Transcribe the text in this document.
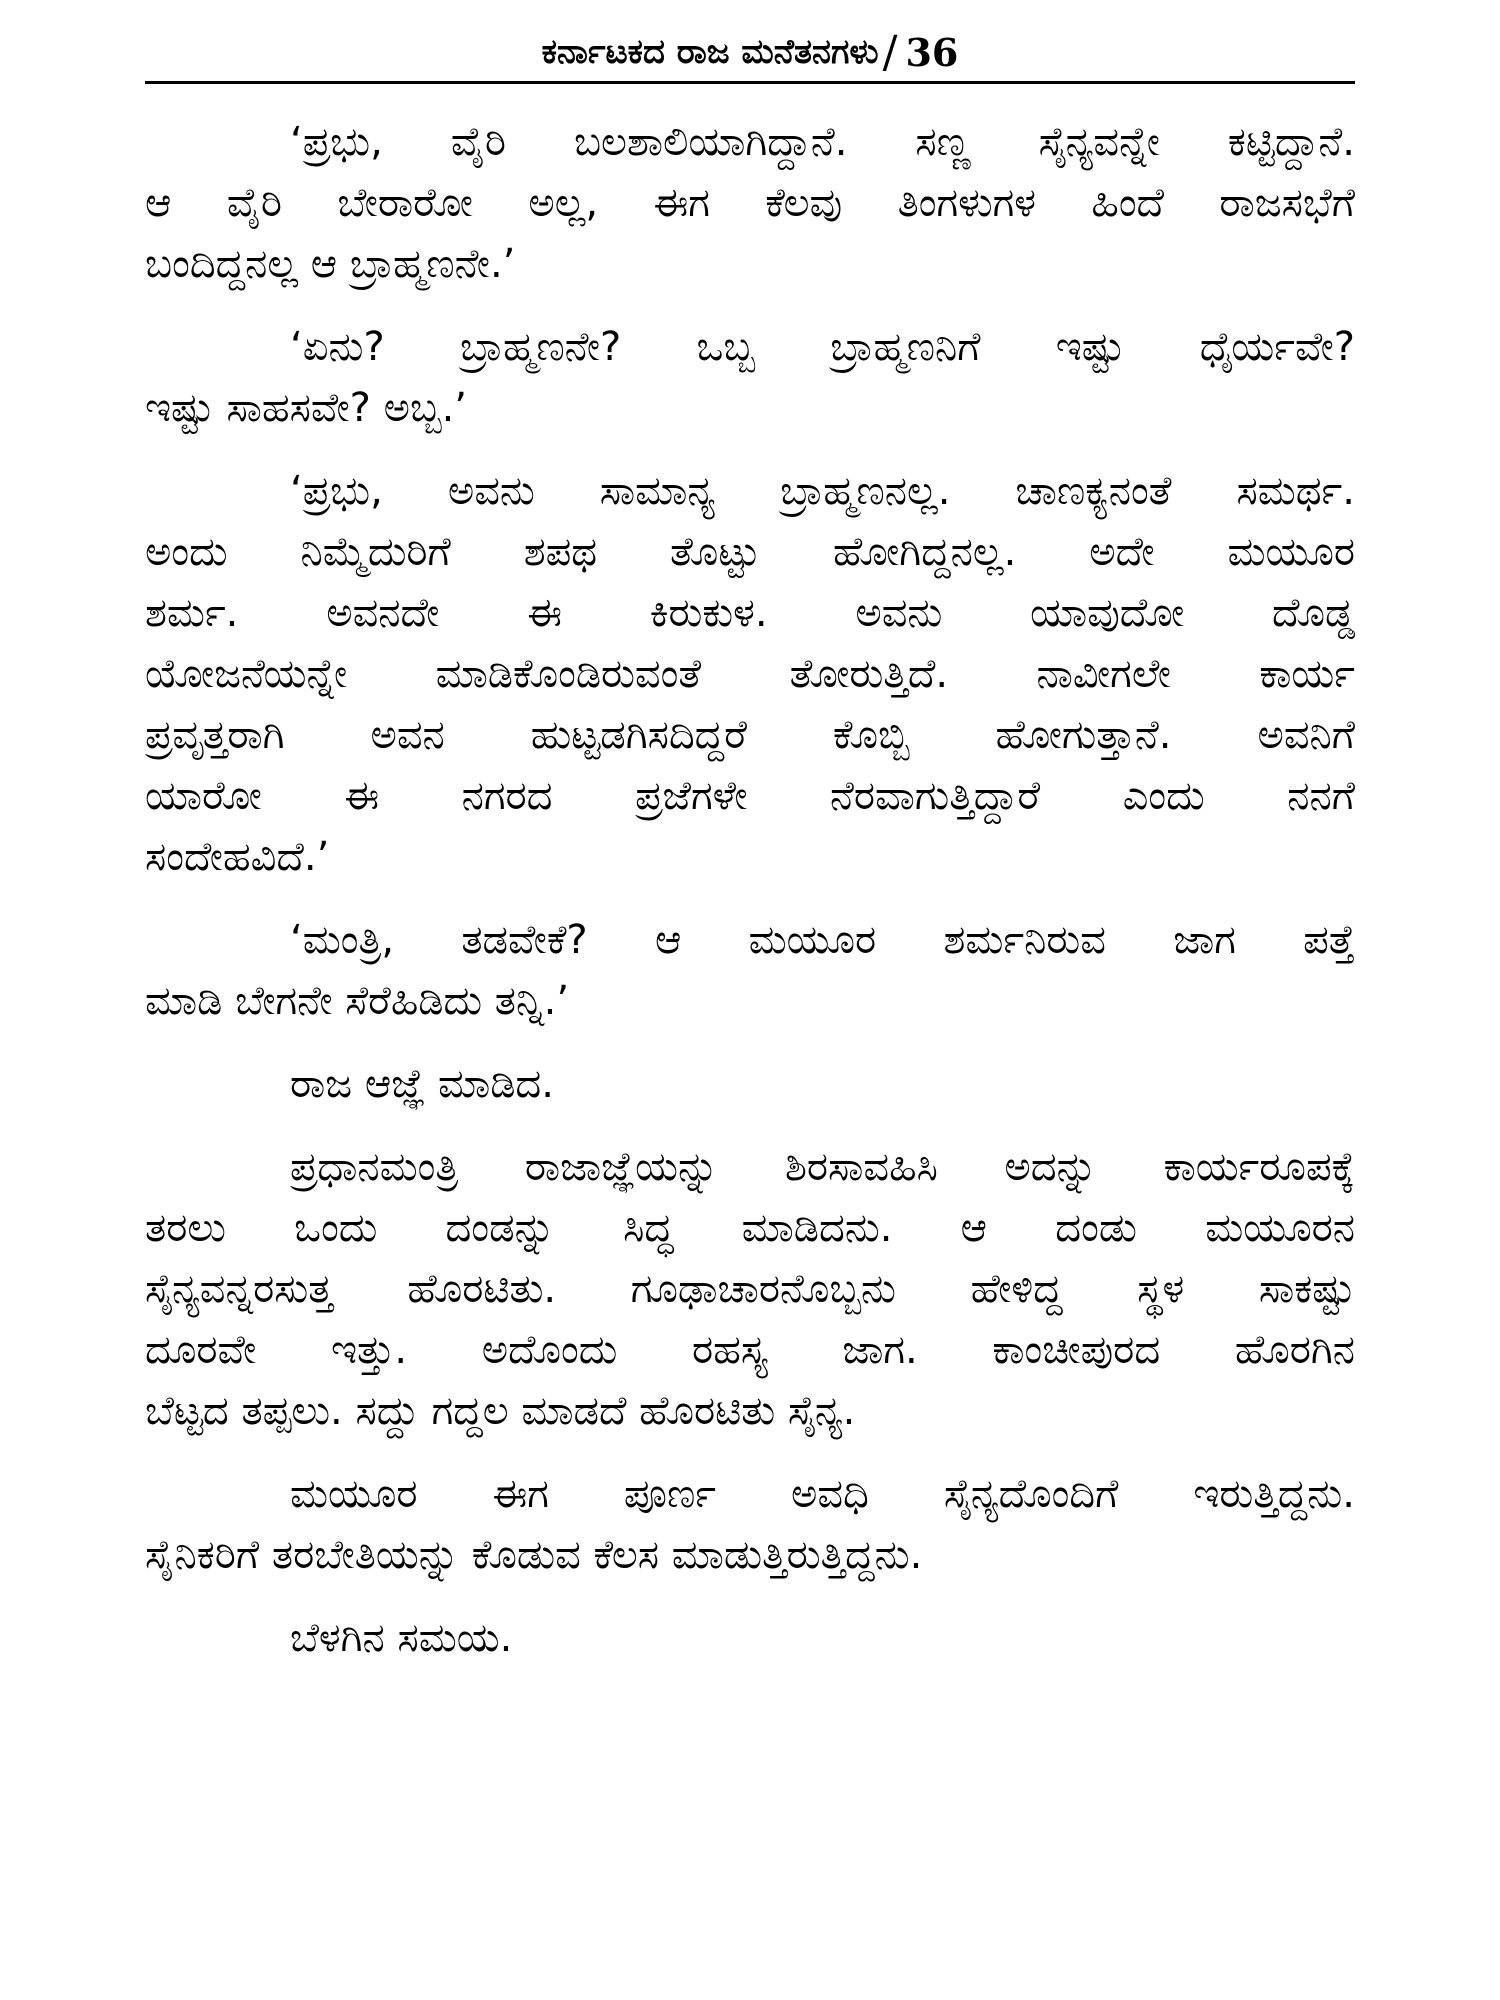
ಕರ್ನಾಟಕದ ರಾಜ ಮನೆತನಗಳು / 36
‘ಪ್ರಭು, ವೈರಿ ಬಲಶಾಲಿಯಾಗಿದ್ದಾನೆ. ಸಣ್ಣ ಸೈನ್ಯವನ್ನೇ ಕಟ್ಟಿದ್ದಾನೆ.
ಆ ವೈರಿ ಬೇರಾರೋ ಅಲ್ಲ, ಈಗ ಕೆಲವು ತಿಂಗಳುಗಳ ಹಿಂದೆ ರಾಜಸಭೆಗೆ
ಬಂದಿದ್ದನಲ್ಲ ಆ ಬ್ರಾಹ್ಮಣನೇ.’
‘ಏನು? ಬ್ರಾಹ್ಮಣನೇ? ಒಬ್ಬ ಬ್ರಾಹ್ಮಣನಿಗೆ ಇಷ್ಟು ಧೈರ್ಯವೇ?
ಇಷ್ಟು ಸಾಹಸವೇ? ಅಬ್ಬ.’
‘ಪ್ರಭು, ಅವನು ಸಾಮಾನ್ಯ ಬ್ರಾಹ್ಮಣನಲ್ಲ. ಚಾಣಕ್ಯನಂತೆ ಸಮರ್ಥ.
ಅಂದು ನಿಮ್ಮೆದುರಿಗೆ ಶಪಥ ತೊಟ್ಟು ಹೋಗಿದ್ದನಲ್ಲ. ಅದೇ ಮಯೂರ
ಶರ್ಮ. ಅವನದೇ ಈ ಕಿರುಕುಳ. ಅವನು ಯಾವುದೋ ದೊಡ್ಡ
ಯೋಜನೆಯನ್ನೇ ಮಾಡಿಕೊಂಡಿರುವಂತೆ ತೋರುತ್ತಿದೆ. ನಾವೀಗಲೇ ಕಾರ್ಯ
ಪ್ರವೃತ್ತರಾಗಿ ಅವನ ಹುಟ್ಟಡಗಿಸದಿದ್ದರೆ ಕೊಬ್ಬಿ ಹೋಗುತ್ತಾನೆ. ಅವನಿಗೆ
ಯಾರೋ ಈ ನಗರದ ಪ್ರಜೆಗಳೇ ನೆರವಾಗುತ್ತಿದ್ದಾರೆ ಎಂದು ನನಗೆ
ಸಂದೇಹವಿದೆ.’
‘ಮಂತ್ರಿ, ತಡವೇಕೆ? ಆ ಮಯೂರ ಶರ್ಮನಿರುವ ಜಾಗ ಪತ್ತೆ
ಮಾಡಿ ಬೇಗನೇ ಸೆರೆಹಿಡಿದು ತನ್ನಿ.’
ರಾಜ ಆಜ್ಞೆ ಮಾಡಿದ.
ಪ್ರಧಾನಮಂತ್ರಿ ರಾಜಾಜ್ಞೆಯನ್ನು ಶಿರಸಾವಹಿಸಿ ಅದನ್ನು ಕಾರ್ಯರೂಪಕ್ಕೆ
ತರಲು ಒಂದು ದಂಡನ್ನು ಸಿದ್ಧ ಮಾಡಿದನು. ಆ ದಂಡು ಮಯೂರನ
ಸೈನ್ಯವನ್ನರಸುತ್ತ ಹೊರಟಿತು. ಗೂಢಾಚಾರನೊಬ್ಬನು ಹೇಳಿದ್ದ ಸ್ಥಳ ಸಾಕಷ್ಟು
ದೂರವೇ ಇತ್ತು. ಅದೊಂದು ರಹಸ್ಯ ಜಾಗ. ಕಾಂಚೀಪುರದ ಹೊರಗಿನ
ಬೆಟ್ಟದ ತಪ್ಪಲು. ಸದ್ದು ಗದ್ದಲ ಮಾಡದೆ ಹೊರಟಿತು ಸೈನ್ಯ.
ಮಯೂರ ಈಗ ಪೂರ್ಣ ಅವಧಿ ಸೈನ್ಯದೊಂದಿಗೆ ಇರುತ್ತಿದ್ದನು.
ಸೈನಿಕರಿಗೆ ತರಬೇತಿಯನ್ನು ಕೊಡುವ ಕೆಲಸ ಮಾಡುತ್ತಿರುತ್ತಿದ್ದನು.
ಬೆಳಗಿನ ಸಮಯ.
